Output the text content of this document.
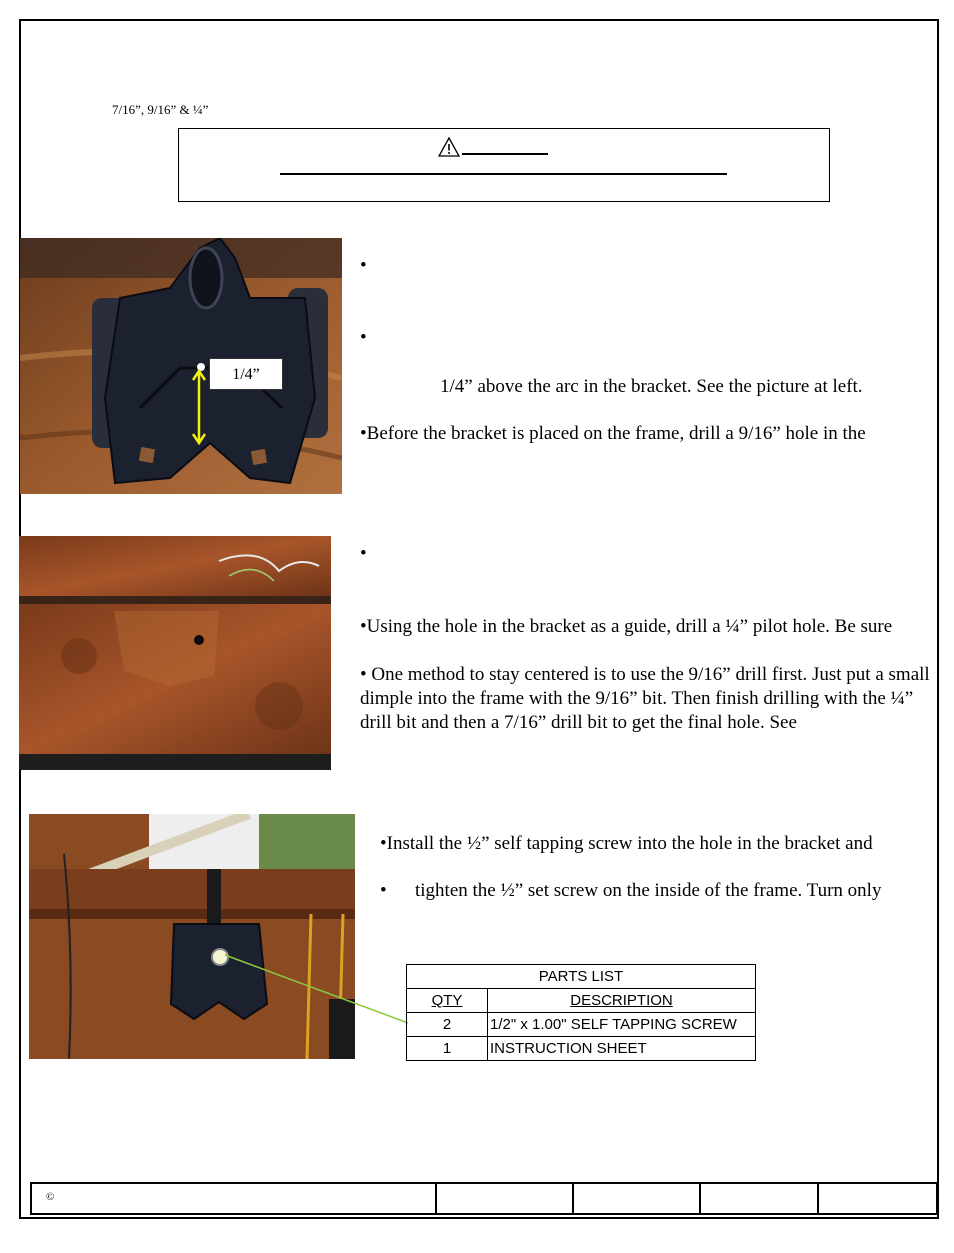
7/16”, 9/16” & ¼”
1/4”
•
•
1/4” above the arc in the bracket. See the picture at left.
•Before the bracket is placed on the frame, drill a 9/16” hole in the
•
•Using the hole in the bracket as a guide, drill a ¼” pilot hole. Be sure
• One method to stay centered is to use the 9/16” drill first. Just put a small dimple into the frame with the 9/16” bit. Then finish drilling with the ¼” drill bit and then a 7/16” drill bit to get the final hole. See
•Install the ½” self tapping screw into the hole in the bracket and
• tighten the ½” set screw on the inside of the frame. Turn only
PARTS LIST	
QTY	DESCRIPTION
2	1/2" x 1.00" SELF TAPPING SCREW
1	INSTRUCTION SHEET
©
